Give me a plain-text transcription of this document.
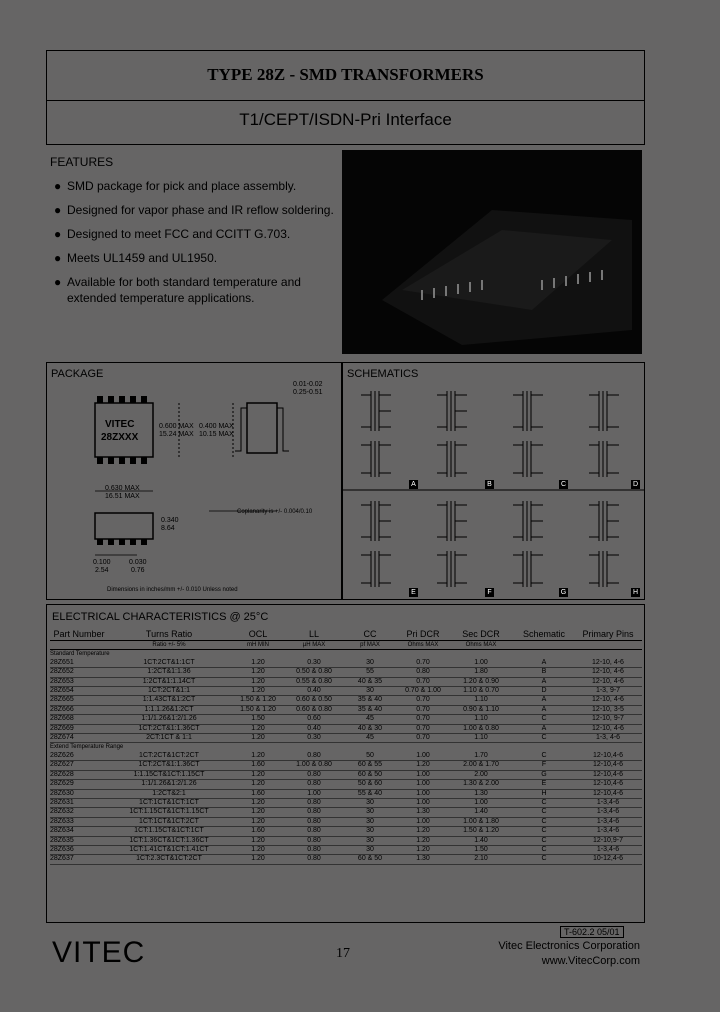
TYPE 28Z - SMD TRANSFORMERS
T1/CEPT/ISDN-Pri Interface
FEATURES
● SMD package for pick and place assembly.
● Designed for vapor phase and IR reflow soldering.
● Designed to meet FCC and CCITT G.703.
● Meets UL1459 and UL1950.
● Available for both standard temperature and extended temperature applications.
PACKAGE
VITEC
28ZXXX
0.600 MAX
15.24 MAX
0.400 MAX
10.15 MAX
0.01-0.02
0.25-0.51
0.630 MAX
16.51 MAX
0.340
8.64
Coplanarity is +/- 0.004/0.10
0.100
2.54
0.030
0.76
Dimensions in inches/mm +/- 0.010 Unless noted
SCHEMATICS
A	B	C	D
E	F	G	H
ELECTRICAL CHARACTERISTICS @ 25°C
Part Number	Turns Ratio	OCL	LL	CC	Pri DCR	Sec DCR	Schematic	Primary Pins
	Ratio +/- 5%	mH MIN	µH MAX	pf MAX	Ohms MAX	Ohms MAX		
Standard Temperature								
28Z651	1CT:2CT&1:1CT	1.20	0.30	30	0.70	1.00	A	12-10, 4-6
28Z652	1:2CT&1:1.36	1.20	0.50 & 0.80	55	0.80	1.80	B	12-10, 4-6
28Z653	1:2CT&1:1.14CT	1.20	0.55 & 0.80	40 & 35	0.70	1.20 & 0.90	A	12-10, 4-6
28Z654	1CT:2CT&1:1	1.20	0.40	30	0.70 & 1.00	1.10 & 0.70	D	1-3, 9-7
28Z665	1:1.43CT&1:2CT	1.50 & 1.20	0.60 & 0.50	35 & 40	0.70	1.10	A	12-10, 4-6
28Z666	1:1.1.26&1:2CT	1.50 & 1.20	0.60 & 0.80	35 & 40	0.70	0.90 & 1.10	A	12-10, 3-5
28Z668	1:1/1.26&1:2/1.26	1.50	0.60	45	0.70	1.10	C	12-10, 9-7
28Z669	1CT:2CT&1:1.36CT	1.20	0.40	40 & 30	0.70	1.00 & 0.80	A	12-10, 4-6
28Z674	2CT:1CT & 1:1	1.20	0.30	45	0.70	1.10	C	1-3, 4-6
Extend Temperature Range								
28Z626	1CT:2CT&1CT:2CT	1.20	0.80	50	1.00	1.70	C	12-10,4-6
28Z627	1CT:2CT&1:1.36CT	1.60	1.00 & 0.80	60 & 55	1.20	2.00 & 1.70	F	12-10,4-6
28Z628	1:1.15CT&1CT:1.15CT	1.20	0.80	60 & 50	1.00	2.00	G	12-10,4-6
28Z629	1:1/1.26&1:2/1.26	1.20	0.80	50 & 60	1.00	1.30 & 2.00	E	12-10,4-6
28Z630	1:2CT&2:1	1.60	1.00	55 & 40	1.00	1.30	H	12-10,4-6
28Z631	1CT:1CT&1CT:1CT	1.20	0.80	30	1.00	1.00	C	1-3,4-6
28Z632	1CT:1.15CT&1CT:1.15CT	1.20	0.80	30	1.30	1.40	C	1-3,4-6
28Z633	1CT:1CT&1CT:2CT	1.20	0.80	30	1.00	1.00 & 1.80	C	1-3,4-6
28Z634	1CT:1.15CT&1CT:1CT	1.60	0.80	30	1.20	1.50 & 1.20	C	1-3,4-6
28Z635	1CT:1.36CT&1CT:1.36CT	1.20	0.80	30	1.20	1.40	C	12-10,9-7
28Z636	1CT:1.41CT&1CT:1.41CT	1.20	0.80	30	1.20	1.50	C	1-3,4-6
28Z637	1CT:2.3CT&1CT:2CT	1.20	0.80	60 & 50	1.30	2.10	C	10-12,4-6
T-602.2 05/01
VITEC	17	Vitec Electronics Corporation
www.VitecCorp.com
